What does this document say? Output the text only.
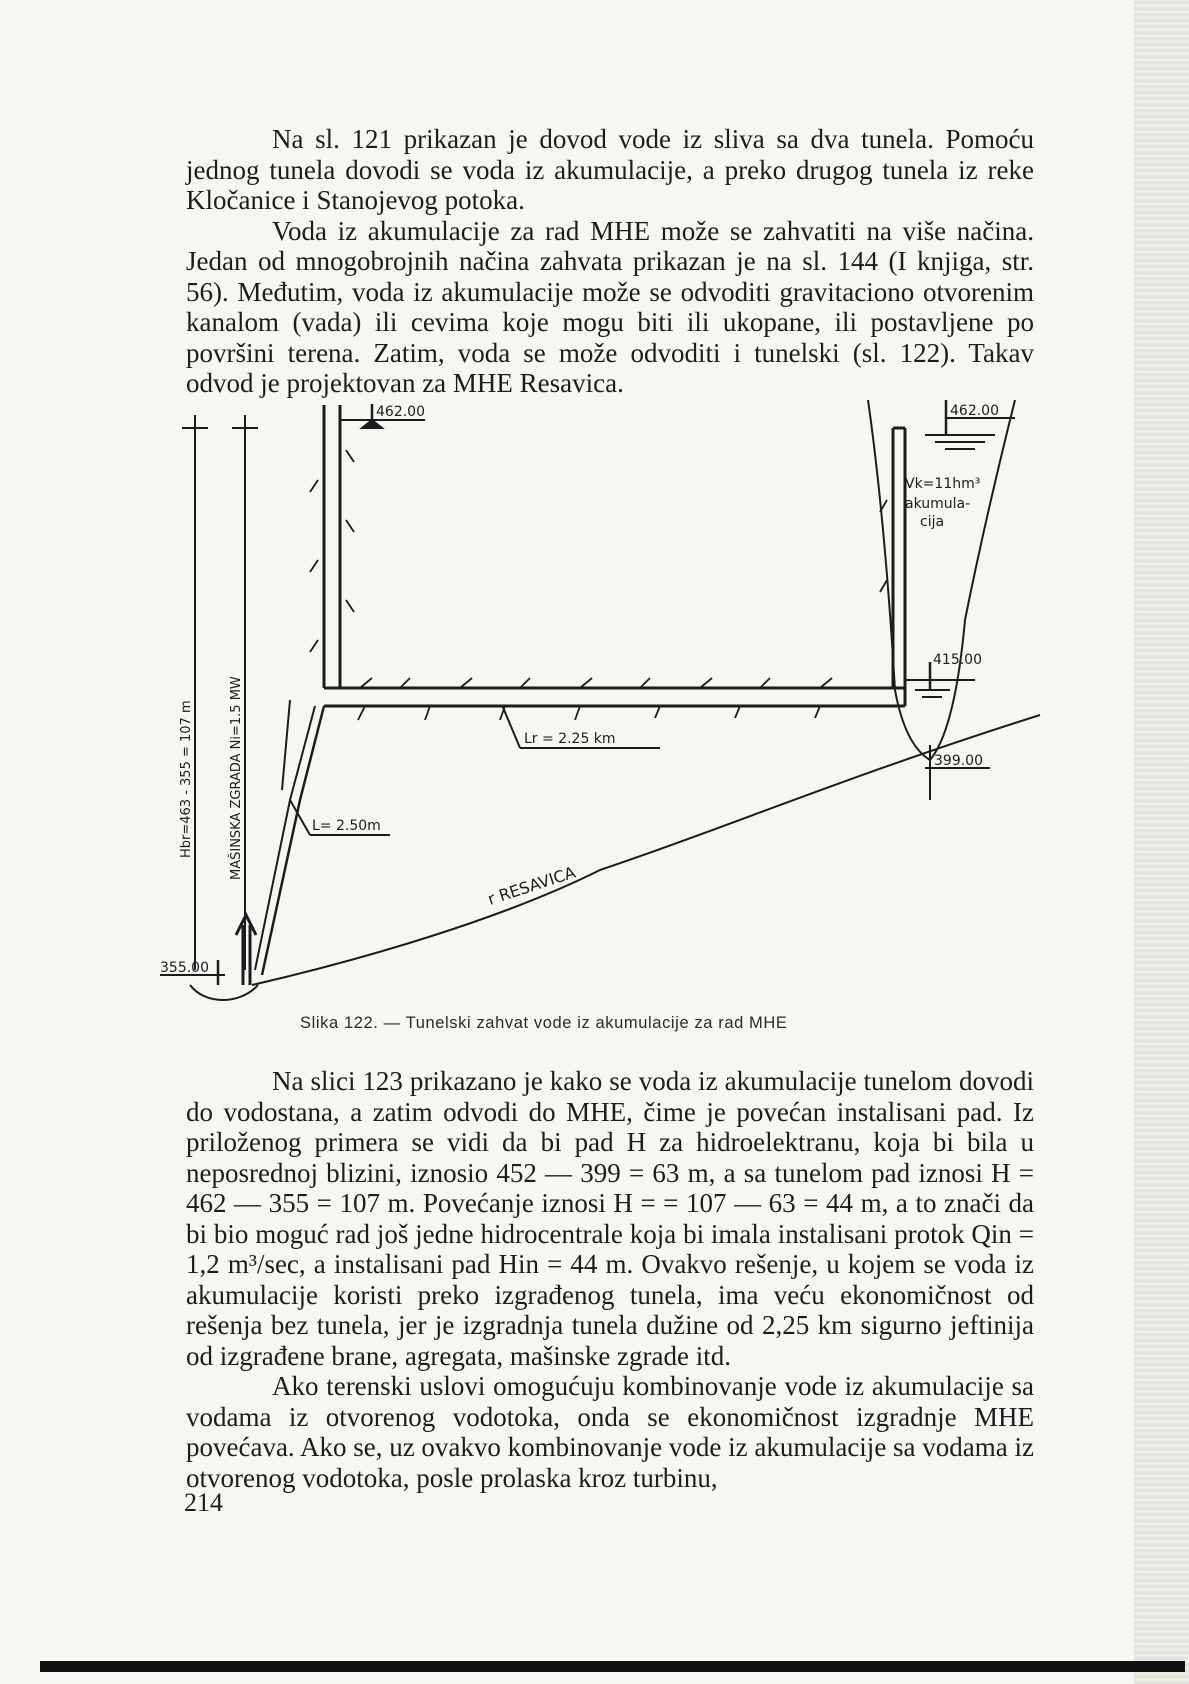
Na sl. 121 prikazan je dovod vode iz sliva sa dva tunela. Pomoću jednog tunela dovodi se voda iz akumulacije, a preko drugog tunela iz reke Kločanice i Stanojevog potoka.

Voda iz akumulacije za rad MHE može se zahvatiti na više načina. Jedan od mnogobrojnih načina zahvata prikazan je na sl. 144 (I knjiga, str. 56). Međutim, voda iz akumulacije može se odvoditi gravitaciono otvorenim kanalom (vada) ili cevima koje mogu biti ili ukopane, ili postavljene po površini terena. Zatim, voda se može odvoditi i tunelski (sl. 122). Takav odvod je projektovan za MHE Resavica.

462.00	462.00
415.00
399.00
355.00
Vk=11hm³
akumula-
cija
Lr = 2.25 km
L= 2.50m
r RESAVICA
Hbr=463 - 355 = 107 m	MAŠINSKA ZGRADA Ni=1.5 MW
Slika 122. — Tunelski zahvat vode iz akumulacije za rad MHE

Na slici 123 prikazano je kako se voda iz akumulacije tunelom dovodi do vodostana, a zatim odvodi do MHE, čime je povećan instalisani pad. Iz priloženog primera se vidi da bi pad H za hidroelektranu, koja bi bila u neposrednoj blizini, iznosio 452 — 399 = 63 m, a sa tunelom pad iznosi H = 462 — 355 = 107 m. Povećanje iznosi H = = 107 — 63 = 44 m, a to znači da bi bio moguć rad još jedne hidrocentrale koja bi imala instalisani protok Qin = 1,2 m³/sec, a instalisani pad Hin = 44 m. Ovakvo rešenje, u kojem se voda iz akumulacije koristi preko izgrađenog tunela, ima veću ekonomičnost od rešenja bez tunela, jer je izgradnja tunela dužine od 2,25 km sigurno jeftinija od izgrađene brane, agregata, mašinske zgrade itd.

Ako terenski uslovi omogućuju kombinovanje vode iz akumulacije sa vodama iz otvorenog vodotoka, onda se ekonomičnost izgradnje MHE povećava. Ako se, uz ovakvo kombinovanje vode iz akumulacije sa vodama iz otvorenog vodotoka, posle prolaska kroz turbinu,

214
